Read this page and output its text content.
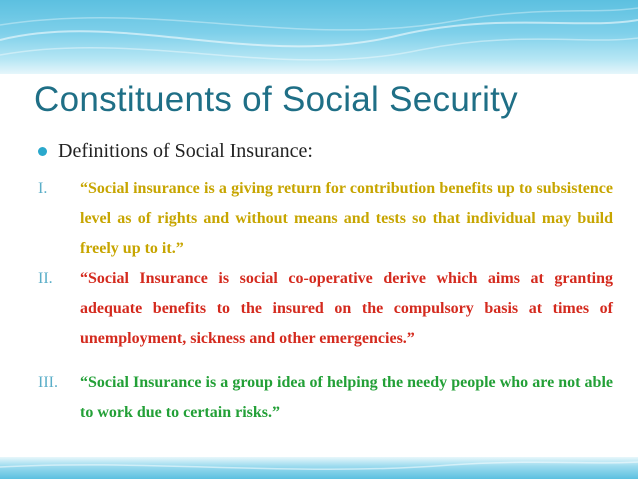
Constituents of Social Security
Definitions of Social Insurance:
I. “Social insurance is a giving return for contribution benefits up to subsistence level as of rights and without means and tests so that individual may build freely up to it.”
II. “Social Insurance is social co-operative derive which aims at granting adequate benefits to the insured on the compulsory basis at times of unemployment, sickness and other emergencies.”
III. “Social Insurance is a group idea of helping the needy people who are not able to work due to certain risks.”
